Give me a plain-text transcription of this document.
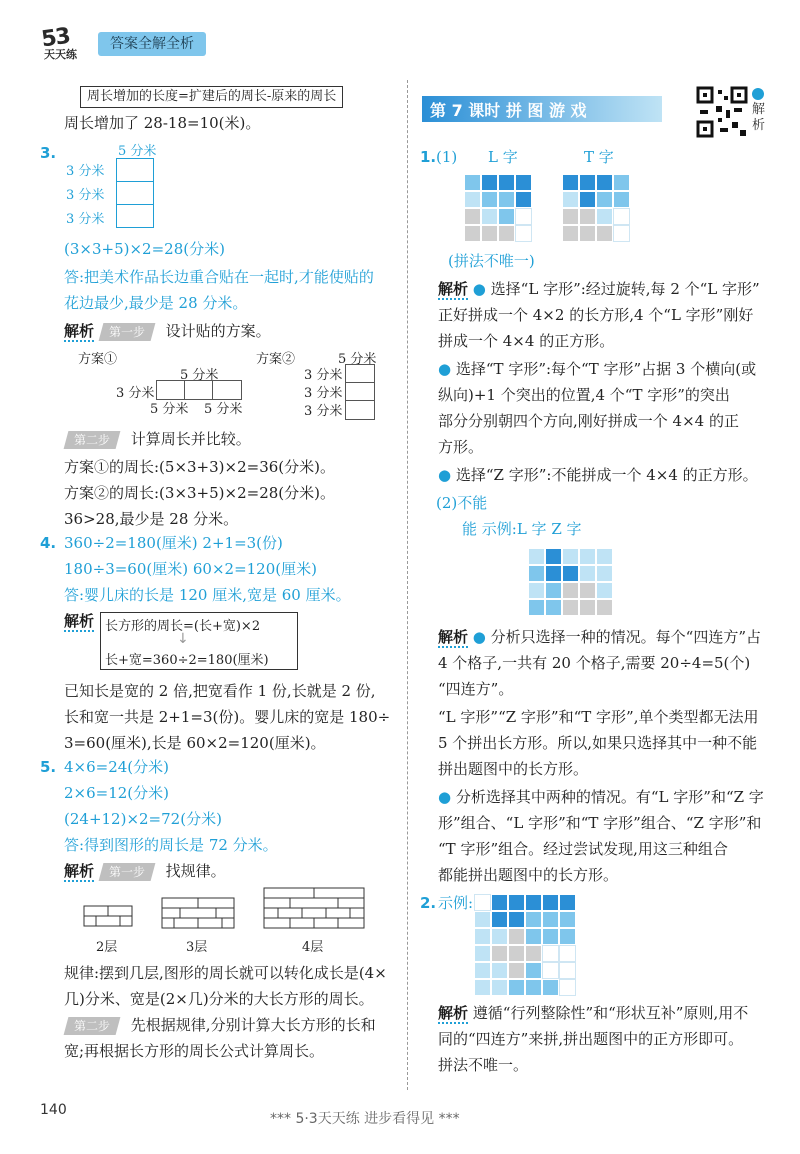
5
3
天天练
答案全解全析
周长增加的长度=扩建后的周长-原来的周长
周长增加了 28-18=10(米)。
3.	5 分米
3 分米
3 分米
3 分米
(3×3+5)×2=28(分米)
答:把美术作品长边重合贴在一起时,才能使贴的
花边最少,最少是 28 分米。
解析 第一步 设计贴的方案。
方案①
5 分米
3 分米
5 分米 5 分米
方案②	5 分米
3 分米
3 分米
3 分米
第二步 计算周长并比较。
方案①的周长:(5×3+3)×2=36(分米)。
方案②的周长:(3×3+5)×2=28(分米)。
36>28,最少是 28 分米。
4. 360÷2=180(厘米) 2+1=3(份)
180÷3=60(厘米) 60×2=120(厘米)
答:婴儿床的长是 120 厘米,宽是 60 厘米。
解析 长方形的周长=(长+宽)×2
↓
长+宽=360÷2=180(厘米)
已知长是宽的 2 倍,把宽看作 1 份,长就是 2 份,
长和宽一共是 2+1=3(份)。婴儿床的宽是 180÷
3=60(厘米),长是 60×2=120(厘米)。
5. 4×6=24(分米)
2×6=12(分米)
(24+12)×2=72(分米)
答:得到图形的周长是 72 分米。
解析 第一步 找规律。
2层	3层	4层
规律:摆到几层,图形的周长就可以转化成长是(4×
几)分米、宽是(2×几)分米的大长方形的周长。
第二步 先根据规律,分别计算大长方形的长和
宽;再根据长方形的周长公式计算周长。
第 7 课时 拼 图 游 戏	解析
1. (1) L 字	T 字
(拼法不唯一)
解析 ● 选择“L 字形”:经过旋转,每 2 个“L 字形”
正好拼成一个 4×2 的长方形,4 个“L 字形”刚好
拼成一个 4×4 的正方形。
● 选择“T 字形”:每个“T 字形”占据 3 个横向(或
纵向)+1 个突出的位置,4 个“T 字形”的突出
部分分别朝四个方向,刚好拼成一个 4×4 的正
方形。
● 选择“Z 字形”:不能拼成一个 4×4 的正方形。
(2)不能
能 示例:L 字 Z 字
解析 ● 分析只选择一种的情况。每个“四连方”占
4 个格子,一共有 20 个格子,需要 20÷4=5(个)
“四连方”。
“L 字形”“Z 字形”和“T 字形”,单个类型都无法用
5 个拼出长方形。所以,如果只选择其中一种不能
拼出题图中的长方形。
● 分析选择其中两种的情况。有“L 字形”和“Z 字
形”组合、“L 字形”和“T 字形”组合、“Z 字形”和
“T 字形”组合。经过尝试发现,用这三种组合
都能拼出题图中的长方形。
2. 示例:
解析 遵循“行列整除性”和“形状互补”原则,用不
同的“四连方”来拼,拼出题图中的正方形即可。
拼法不唯一。
140
*** 5·3天天练 进步看得见 ***
